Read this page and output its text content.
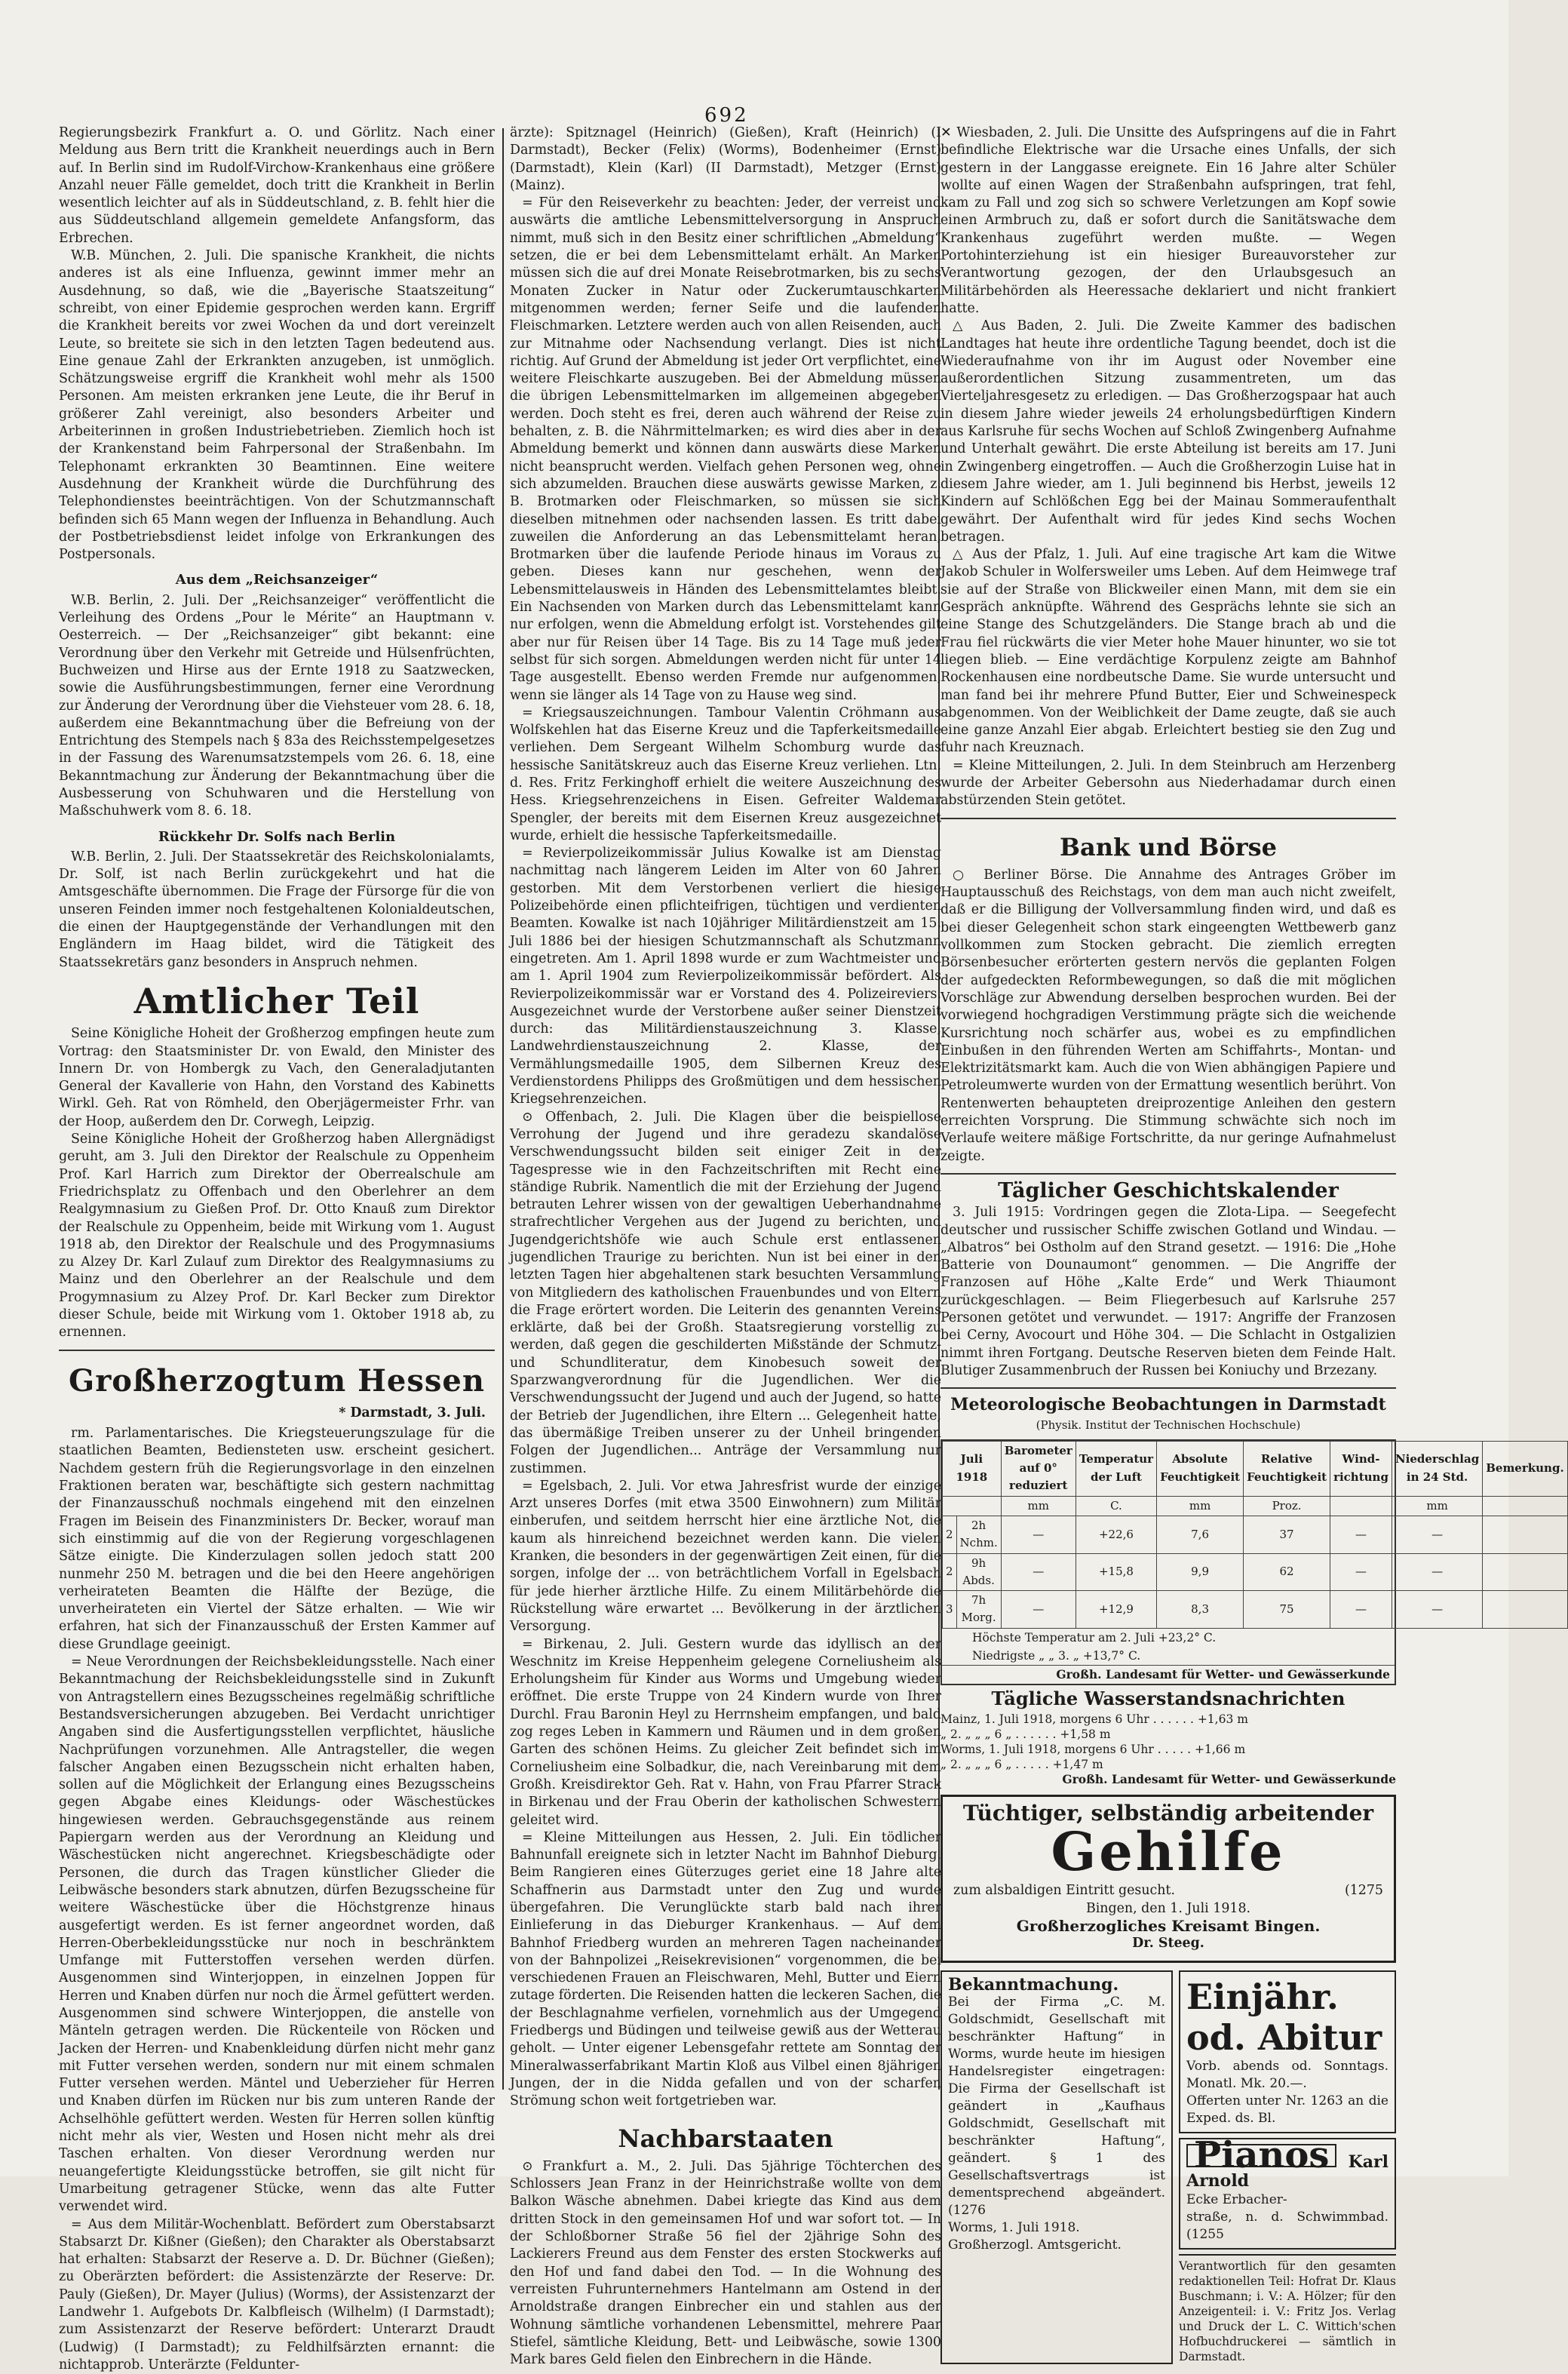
692

Regierungsbezirk Frankfurt a. O. und Görlitz. Nach einer Meldung aus Bern tritt die Krankheit neuerdings auch in Bern auf. In Berlin sind im Rudolf-Virchow-Krankenhaus eine größere Anzahl neuer Fälle gemeldet, doch tritt die Krankheit in Berlin wesentlich leichter auf als in Süddeutschland, z. B. fehlt hier die aus Süddeutschland allgemein gemeldete Anfangsform, das Erbrechen.

W.B. München, 2. Juli. Die spanische Krankheit, die nichts anderes ist als eine Influenza, gewinnt immer mehr an Ausdehnung, so daß, wie die „Bayerische Staatszeitung“ schreibt, von einer Epidemie gesprochen werden kann. Ergriff die Krankheit bereits vor zwei Wochen da und dort vereinzelt Leute, so breitete sie sich in den letzten Tagen bedeutend aus. Eine genaue Zahl der Erkrankten anzugeben, ist unmöglich. Schätzungsweise ergriff die Krankheit wohl mehr als 1500 Personen. Am meisten erkranken jene Leute, die ihr Beruf in größerer Zahl vereinigt, also besonders Arbeiter und Arbeiterinnen in großen Industriebetrieben. Ziemlich hoch ist der Krankenstand beim Fahrpersonal der Straßenbahn. Im Telephonamt erkrankten 30 Beamtinnen. Eine weitere Ausdehnung der Krankheit würde die Durchführung des Telephondienstes beeinträchtigen. Von der Schutzmannschaft befinden sich 65 Mann wegen der Influenza in Behandlung. Auch der Postbetriebsdienst leidet infolge von Erkrankungen des Postpersonals.

Aus dem „Reichsanzeiger“

W.B. Berlin, 2. Juli. Der „Reichsanzeiger“ veröffentlicht die Verleihung des Ordens „Pour le Mérite“ an Hauptmann v. Oesterreich. — Der „Reichsanzeiger“ gibt bekannt: eine Verordnung über den Verkehr mit Getreide und Hülsenfrüchten, Buchweizen und Hirse aus der Ernte 1918 zu Saatzwecken, sowie die Ausführungsbestimmungen, ferner eine Verordnung zur Änderung der Verordnung über die Viehsteuer vom 28. 6. 18, außerdem eine Bekanntmachung über die Befreiung von der Entrichtung des Stempels nach § 83a des Reichsstempelgesetzes in der Fassung des Warenumsatzstempels vom 26. 6. 18, eine Bekanntmachung zur Änderung der Bekanntmachung über die Ausbesserung von Schuhwaren und die Herstellung von Maßschuhwerk vom 8. 6. 18.

Rückkehr Dr. Solfs nach Berlin

W.B. Berlin, 2. Juli. Der Staatssekretär des Reichskolonialamts, Dr. Solf, ist nach Berlin zurückgekehrt und hat die Amtsgeschäfte übernommen. Die Frage der Fürsorge für die von unseren Feinden immer noch festgehaltenen Kolonialdeutschen, die einen der Hauptgegenstände der Verhandlungen mit den Engländern im Haag bildet, wird die Tätigkeit des Staatssekretärs ganz besonders in Anspruch nehmen.

Amtlicher Teil

Seine Königliche Hoheit der Großherzog empfingen heute zum Vortrag: den Staatsminister Dr. von Ewald, den Minister des Innern Dr. von Hombergk zu Vach, den Generaladjutanten General der Kavallerie von Hahn, den Vorstand des Kabinetts Wirkl. Geh. Rat von Römheld, den Oberjägermeister Frhr. van der Hoop, außerdem den Dr. Corwegh, Leipzig.

Seine Königliche Hoheit der Großherzog haben Allergnädigst geruht, am 3. Juli den Direktor der Realschule zu Oppenheim Prof. Karl Harrich zum Direktor der Oberrealschule am Friedrichsplatz zu Offenbach und den Oberlehrer an dem Realgymnasium zu Gießen Prof. Dr. Otto Knauß zum Direktor der Realschule zu Oppenheim, beide mit Wirkung vom 1. August 1918 ab, den Direktor der Realschule und des Progymnasiums zu Alzey Dr. Karl Zulauf zum Direktor des Realgymnasiums zu Mainz und den Oberlehrer an der Realschule und dem Progymnasium zu Alzey Prof. Dr. Karl Becker zum Direktor dieser Schule, beide mit Wirkung vom 1. Oktober 1918 ab, zu ernennen.

Großherzogtum Hessen
* Darmstadt, 3. Juli.

rm. Parlamentarisches. Die Kriegsteuerungszulage für die staatlichen Beamten, Bediensteten usw. erscheint gesichert. Nachdem gestern früh die Regierungsvorlage in den einzelnen Fraktionen beraten war, beschäftigte sich gestern nachmittag der Finanzausschuß nochmals eingehend mit den einzelnen Fragen im Beisein des Finanzministers Dr. Becker, worauf man sich einstimmig auf die von der Regierung vorgeschlagenen Sätze einigte. Die Kinderzulagen sollen jedoch statt 200 nunmehr 250 M. betragen und die bei den Heere angehörigen verheirateten Beamten die Hälfte der Bezüge, die unverheirateten ein Viertel der Sätze erhalten. — Wie wir erfahren, hat sich der Finanzausschuß der Ersten Kammer auf diese Grundlage geeinigt.

= Neue Verordnungen der Reichsbekleidungsstelle. Nach einer Bekanntmachung der Reichsbekleidungsstelle sind in Zukunft von Antragstellern eines Bezugsscheines regelmäßig schriftliche Bestandsversicherungen abzugeben. Bei Verdacht unrichtiger Angaben sind die Ausfertigungsstellen verpflichtet, häusliche Nachprüfungen vorzunehmen. Alle Antragsteller, die wegen falscher Angaben einen Bezugsschein nicht erhalten haben, sollen auf die Möglichkeit der Erlangung eines Bezugsscheins gegen Abgabe eines Kleidungs- oder Wäschestückes hingewiesen werden. Gebrauchsgegenstände aus reinem Papiergarn werden aus der Verordnung an Kleidung und Wäschestücken nicht angerechnet. Kriegsbeschädigte oder Personen, die durch das Tragen künstlicher Glieder die Leibwäsche besonders stark abnutzen, dürfen Bezugsscheine für weitere Wäschestücke über die Höchstgrenze hinaus ausgefertigt werden. Es ist ferner angeordnet worden, daß Herren-Oberbekleidungsstücke nur noch in beschränktem Umfange mit Futterstoffen versehen werden dürfen. Ausgenommen sind Winterjoppen, in einzelnen Joppen für Herren und Knaben dürfen nur noch die Ärmel gefüttert werden. Ausgenommen sind schwere Winterjoppen, die anstelle von Mänteln getragen werden. Die Rückenteile von Röcken und Jacken der Herren- und Knabenkleidung dürfen nicht mehr ganz mit Futter versehen werden, sondern nur mit einem schmalen Futter versehen werden. Mäntel und Ueberzieher für Herren und Knaben dürfen im Rücken nur bis zum unteren Rande der Achselhöhle gefüttert werden. Westen für Herren sollen künftig nicht mehr als vier, Westen und Hosen nicht mehr als drei Taschen erhalten. Von dieser Verordnung werden nur neuangefertigte Kleidungsstücke betroffen, sie gilt nicht für Umarbeitung getragener Stücke, wenn das alte Futter verwendet wird.

= Aus dem Militär-Wochenblatt. Befördert zum Oberstabsarzt Stabsarzt Dr. Kißner (Gießen); den Charakter als Oberstabsarzt hat erhalten: Stabsarzt der Reserve a. D. Dr. Büchner (Gießen); zu Oberärzten befördert: die Assistenzärzte der Reserve: Dr. Pauly (Gießen), Dr. Mayer (Julius) (Worms), der Assistenzarzt der Landwehr 1. Aufgebots Dr. Kalbfleisch (Wilhelm) (I Darmstadt); zum Assistenzarzt der Reserve befördert: Unterarzt Draudt (Ludwig) (I Darmstadt); zu Feldhilfsärzten ernannt: die nichtapprob. Unterärzte (Feldunter-

ärzte): Spitznagel (Heinrich) (Gießen), Kraft (Heinrich) (I Darmstadt), Becker (Felix) (Worms), Bodenheimer (Ernst) (Darmstadt), Klein (Karl) (II Darmstadt), Metzger (Ernst) (Mainz).

= Für den Reiseverkehr zu beachten: Jeder, der verreist und auswärts die amtliche Lebensmittelversorgung in Anspruch nimmt, muß sich in den Besitz einer schriftlichen „Abmeldung“ setzen, die er bei dem Lebensmittelamt erhält. An Marken müssen sich die auf drei Monate Reisebrotmarken, bis zu sechs Monaten Zucker in Natur oder Zuckerumtauschkarten mitgenommen werden; ferner Seife und die laufenden Fleischmarken. Letztere werden auch von allen Reisenden, auch zur Mitnahme oder Nachsendung verlangt. Dies ist nicht richtig. Auf Grund der Abmeldung ist jeder Ort verpflichtet, eine weitere Fleischkarte auszugeben. Bei der Abmeldung müssen die übrigen Lebensmittelmarken im allgemeinen abgegeben werden. Doch steht es frei, deren auch während der Reise zu behalten, z. B. die Nährmittelmarken; es wird dies aber in der Abmeldung bemerkt und können dann auswärts diese Marken nicht beansprucht werden. Vielfach gehen Personen weg, ohne sich abzumelden. Brauchen diese auswärts gewisse Marken, z. B. Brotmarken oder Fleischmarken, so müssen sie sich dieselben mitnehmen oder nachsenden lassen. Es tritt dabei zuweilen die Anforderung an das Lebensmittelamt heran, Brotmarken über die laufende Periode hinaus im Voraus zu geben. Dieses kann nur geschehen, wenn der Lebensmittelausweis in Händen des Lebensmittelamtes bleibt. Ein Nachsenden von Marken durch das Lebensmittelamt kann nur erfolgen, wenn die Abmeldung erfolgt ist. Vorstehendes gilt aber nur für Reisen über 14 Tage. Bis zu 14 Tage muß jeder selbst für sich sorgen. Abmeldungen werden nicht für unter 14 Tage ausgestellt. Ebenso werden Fremde nur aufgenommen, wenn sie länger als 14 Tage von zu Hause weg sind.

= Kriegsauszeichnungen. Tambour Valentin Cröhmann aus Wolfskehlen hat das Eiserne Kreuz und die Tapferkeitsmedaille verliehen. Dem Sergeant Wilhelm Schomburg wurde das hessische Sanitätskreuz auch das Eiserne Kreuz verliehen. Ltn. d. Res. Fritz Ferkinghoff erhielt die weitere Auszeichnung des Hess. Kriegsehrenzeichens in Eisen. Gefreiter Waldemar Spengler, der bereits mit dem Eisernen Kreuz ausgezeichnet wurde, erhielt die hessische Tapferkeitsmedaille.

= Revierpolizeikommissär Julius Kowalke ist am Dienstag nachmittag nach längerem Leiden im Alter von 60 Jahren gestorben. Mit dem Verstorbenen verliert die hiesige Polizeibehörde einen pflichteifrigen, tüchtigen und verdienten Beamten. Kowalke ist nach 10jähriger Militärdienstzeit am 15. Juli 1886 bei der hiesigen Schutzmannschaft als Schutzmann eingetreten. Am 1. April 1898 wurde er zum Wachtmeister und am 1. April 1904 zum Revierpolizeikommissär befördert. Als Revierpolizeikommissär war er Vorstand des 4. Polizeireviers. Ausgezeichnet wurde der Verstorbene außer seiner Dienstzeit durch: das Militärdienstauszeichnung 3. Klasse, Landwehrdienstauszeichnung 2. Klasse, der Vermählungsmedaille 1905, dem Silbernen Kreuz des Verdienstordens Philipps des Großmütigen und dem hessischen Kriegsehrenzeichen.

⊙ Offenbach, 2. Juli. Die Klagen über die beispiellose Verrohung der Jugend und ihre geradezu skandalöse Verschwendungssucht bilden seit einiger Zeit in der Tagespresse wie in den Fachzeitschriften mit Recht eine ständige Rubrik. Namentlich die mit der Erziehung der Jugend betrauten Lehrer wissen von der gewaltigen Ueberhandnahme strafrechtlicher Vergehen aus der Jugend zu berichten, und Jugendgerichtshöfe wie auch Schule erst entlassenen jugendlichen Traurige zu berichten. Nun ist bei einer in den letzten Tagen hier abgehaltenen stark besuchten Versammlung von Mitgliedern des katholischen Frauenbundes und von Eltern die Frage erörtert worden. Die Leiterin des genannten Vereins erklärte, daß bei der Großh. Staatsregierung vorstellig zu werden, daß gegen die geschilderten Mißstände der Schmutz- und Schundliteratur, dem Kinobesuch soweit der Sparzwangverordnung für die Jugendlichen. Wer die Verschwendungssucht der Jugend und auch der Jugend, so hatte der Betrieb der Jugendlichen, ihre Eltern ... Gelegenheit hatte, das übermäßige Treiben unserer zu der Unheil bringenden Folgen der Jugendlichen... Anträge der Versammlung nur zustimmen.

= Egelsbach, 2. Juli. Vor etwa Jahresfrist wurde der einzige Arzt unseres Dorfes (mit etwa 3500 Einwohnern) zum Militär einberufen, und seitdem herrscht hier eine ärztliche Not, die kaum als hinreichend bezeichnet werden kann. Die vielen Kranken, die besonders in der gegenwärtigen Zeit einen, für die sorgen, infolge der ... von beträchtlichem Vorfall in Egelsbach für jede hierher ärztliche Hilfe. Zu einem Militärbehörde die Rückstellung wäre erwartet ... Bevölkerung in der ärztlichen Versorgung.

= Birkenau, 2. Juli. Gestern wurde das idyllisch an der Weschnitz im Kreise Heppenheim gelegene Corneliusheim als Erholungsheim für Kinder aus Worms und Umgebung wieder eröffnet. Die erste Truppe von 24 Kindern wurde von Ihrer Durchl. Frau Baronin Heyl zu Herrnsheim empfangen, und bald zog reges Leben in Kammern und Räumen und in dem großen Garten des schönen Heims. Zu gleicher Zeit befindet sich im Corneliusheim eine Solbadkur, die, nach Vereinbarung mit dem Großh. Kreisdirektor Geh. Rat v. Hahn, von Frau Pfarrer Strack in Birkenau und der Frau Oberin der katholischen Schwestern geleitet wird.

= Kleine Mitteilungen aus Hessen, 2. Juli. Ein tödlicher Bahnunfall ereignete sich in letzter Nacht im Bahnhof Dieburg. Beim Rangieren eines Güterzuges geriet eine 18 Jahre alte Schaffnerin aus Darmstadt unter den Zug und wurde übergefahren. Die Verunglückte starb bald nach ihrer Einlieferung in das Dieburger Krankenhaus. — Auf dem Bahnhof Friedberg wurden an mehreren Tagen nacheinander von der Bahnpolizei „Reisekrevisionen“ vorgenommen, die bei verschiedenen Frauen an Fleischwaren, Mehl, Butter und Eiern zutage förderten. Die Reisenden hatten die leckeren Sachen, die der Beschlagnahme verfielen, vornehmlich aus der Umgegend Friedbergs und Büdingen und teilweise gewiß aus der Wetterau geholt. — Unter eigener Lebensgefahr rettete am Sonntag der Mineralwasserfabrikant Martin Kloß aus Vilbel einen 8jährigen Jungen, der in die Nidda gefallen und von der scharfen Strömung schon weit fortgetrieben war.

Nachbarstaaten

⊙ Frankfurt a. M., 2. Juli. Das 5jährige Töchterchen des Schlossers Jean Franz in der Heinrichstraße wollte von dem Balkon Wäsche abnehmen. Dabei kriegte das Kind aus dem dritten Stock in den gemeinsamen Hof und war sofort tot. — In der Schloßborner Straße 56 fiel der 2jährige Sohn des Lackierers Freund aus dem Fenster des ersten Stockwerks auf den Hof und fand dabei den Tod. — In die Wohnung des verreisten Fuhrunternehmers Hantelmann am Ostend in der Arnoldstraße drangen Einbrecher ein und stahlen aus der Wohnung sämtliche vorhandenen Lebensmittel, mehrere Paar Stiefel, sämtliche Kleidung, Bett- und Leibwäsche, sowie 1300 Mark bares Geld fielen den Einbrechern in die Hände.

✕ Wiesbaden, 2. Juli. Die Unsitte des Aufspringens auf die in Fahrt befindliche Elektrische war die Ursache eines Unfalls, der sich gestern in der Langgasse ereignete. Ein 16 Jahre alter Schüler wollte auf einen Wagen der Straßenbahn aufspringen, trat fehl, kam zu Fall und zog sich so schwere Verletzungen am Kopf sowie einen Armbruch zu, daß er sofort durch die Sanitätswache dem Krankenhaus zugeführt werden mußte. — Wegen Portohinterziehung ist ein hiesiger Bureauvorsteher zur Verantwortung gezogen, der den Urlaubsgesuch an Militärbehörden als Heeressache deklariert und nicht frankiert hatte.

△ Aus Baden, 2. Juli. Die Zweite Kammer des badischen Landtages hat heute ihre ordentliche Tagung beendet, doch ist die Wiederaufnahme von ihr im August oder November eine außerordentlichen Sitzung zusammentreten, um das Vierteljahresgesetz zu erledigen. — Das Großherzogspaar hat auch in diesem Jahre wieder jeweils 24 erholungsbedürftigen Kindern aus Karlsruhe für sechs Wochen auf Schloß Zwingenberg Aufnahme und Unterhalt gewährt. Die erste Abteilung ist bereits am 17. Juni in Zwingenberg eingetroffen. — Auch die Großherzogin Luise hat in diesem Jahre wieder, am 1. Juli beginnend bis Herbst, jeweils 12 Kindern auf Schlößchen Egg bei der Mainau Sommeraufenthalt gewährt. Der Aufenthalt wird für jedes Kind sechs Wochen betragen.

△ Aus der Pfalz, 1. Juli. Auf eine tragische Art kam die Witwe Jakob Schuler in Wolfersweiler ums Leben. Auf dem Heimwege traf sie auf der Straße von Blickweiler einen Mann, mit dem sie ein Gespräch anknüpfte. Während des Gesprächs lehnte sie sich an eine Stange des Schutzgeländers. Die Stange brach ab und die Frau fiel rückwärts die vier Meter hohe Mauer hinunter, wo sie tot liegen blieb. — Eine verdächtige Korpulenz zeigte am Bahnhof Rockenhausen eine nordbeutsche Dame. Sie wurde untersucht und man fand bei ihr mehrere Pfund Butter, Eier und Schweinespeck abgenommen. Von der Weiblichkeit der Dame zeugte, daß sie auch eine ganze Anzahl Eier abgab. Erleichtert bestieg sie den Zug und fuhr nach Kreuznach.

= Kleine Mitteilungen, 2. Juli. In dem Steinbruch am Herzenberg wurde der Arbeiter Gebersohn aus Niederhadamar durch einen abstürzenden Stein getötet.

Bank und Börse

○ Berliner Börse. Die Annahme des Antrages Gröber im Hauptausschuß des Reichstags, von dem man auch nicht zweifelt, daß er die Billigung der Vollversammlung finden wird, und daß es bei dieser Gelegenheit schon stark eingeengten Wettbewerb ganz vollkommen zum Stocken gebracht. Die ziemlich erregten Börsenbesucher erörterten gestern nervös die geplanten Folgen der aufgedeckten Reformbewegungen, so daß die mit möglichen Vorschläge zur Abwendung derselben besprochen wurden. Bei der vorwiegend hochgradigen Verstimmung prägte sich die weichende Kursrichtung noch schärfer aus, wobei es zu empfindlichen Einbußen in den führenden Werten am Schiffahrts-, Montan- und Elektrizitätsmarkt kam. Auch die von Wien abhängigen Papiere und Petroleumwerte wurden von der Ermattung wesentlich berührt. Von Rentenwerten behaupteten dreiprozentige Anleihen den gestern erreichten Vorsprung. Die Stimmung schwächte sich noch im Verlaufe weitere mäßige Fortschritte, da nur geringe Aufnahmelust zeigte.

Täglicher Geschichtskalender

3. Juli 1915: Vordringen gegen die Zlota-Lipa. — Seegefecht deutscher und russischer Schiffe zwischen Gotland und Windau. — „Albatros“ bei Ostholm auf den Strand gesetzt. — 1916: Die „Hohe Batterie von Dounaumont“ genommen. — Die Angriffe der Franzosen auf Höhe „Kalte Erde“ und Werk Thiaumont zurückgeschlagen. — Beim Fliegerbesuch auf Karlsruhe 257 Personen getötet und verwundet. — 1917: Angriffe der Franzosen bei Cerny, Avocourt und Höhe 304. — Die Schlacht in Ostgalizien nimmt ihren Fortgang. Deutsche Reserven bieten dem Feinde Halt. Blutiger Zusammenbruch der Russen bei Koniuchy und Brzezany.

Meteorologische Beobachtungen in Darmstadt
(Physik. Institut der Technischen Hochschule)
Juli 1918		Barometer auf 0° reduziert	Temperatur der Luft	Absolute Feuchtigkeit	Relative Feuchtigkeit	Wind-richtung	Niederschlag in 24 Std.	Bemerkung.
		mm	C.	mm	Proz.		mm	
2	2h Nchm.	—	+22,6	7,6	37	—	—	
2	9h Abds.	—	+15,8	9,9	62	—	—	
3	7h Morg.	—	+12,9	8,3	75	—	—	
Höchste Temperatur am 2. Juli +23,2° C.
Niedrigste „ „ 3. „ +13,7° C.
Großh. Landesamt für Wetter- und Gewässerkunde
Tägliche Wasserstandsnachrichten
Mainz, 1. Juli 1918, morgens 6 Uhr . . . . . . +1,63 m
„ 2. „ „ „ 6 „ . . . . . . +1,58 m
Worms, 1. Juli 1918, morgens 6 Uhr . . . . . +1,66 m
„ 2. „ „ „ 6 „ . . . . . +1,47 m
Großh. Landesamt für Wetter- und Gewässerkunde
Tüchtiger, selbständig arbeitender
Gehilfe
zum alsbaldigen Eintritt gesucht.	(1275
Bingen, den 1. Juli 1918.
Großherzogliches Kreisamt Bingen.
Dr. Steeg.
Bekanntmachung.
Bei der Firma „C. M. Goldschmidt, Gesellschaft mit beschränkter Haftung“ in Worms, wurde heute im hiesigen Handelsregister eingetragen: Die Firma der Gesellschaft ist geändert in „Kaufhaus Goldschmidt, Gesellschaft mit beschränkter Haftung“, geändert. § 1 des Gesellschaftsvertrags ist dementsprechend abgeändert. (1276
Worms, 1. Juli 1918.
Großherzogl. Amtsgericht.
Einjähr. od. Abitur
Vorb. abends od. Sonntags. Monatl. Mk. 20.—.
Offerten unter Nr. 1263 an die Exped. ds. Bl.
Pianos Karl Arnold
Ecke Erbacher-
straße, n. d. Schwimmbad.(1255
Verantwortlich für den gesamten redaktionellen Teil: Hofrat Dr. Klaus Buschmann; i. V.: A. Hölzer; für den Anzeigenteil: i. V.: Fritz Jos. Verlag und Druck der L. C. Wittich'schen Hofbuchdruckerei — sämtlich in Darmstadt.
